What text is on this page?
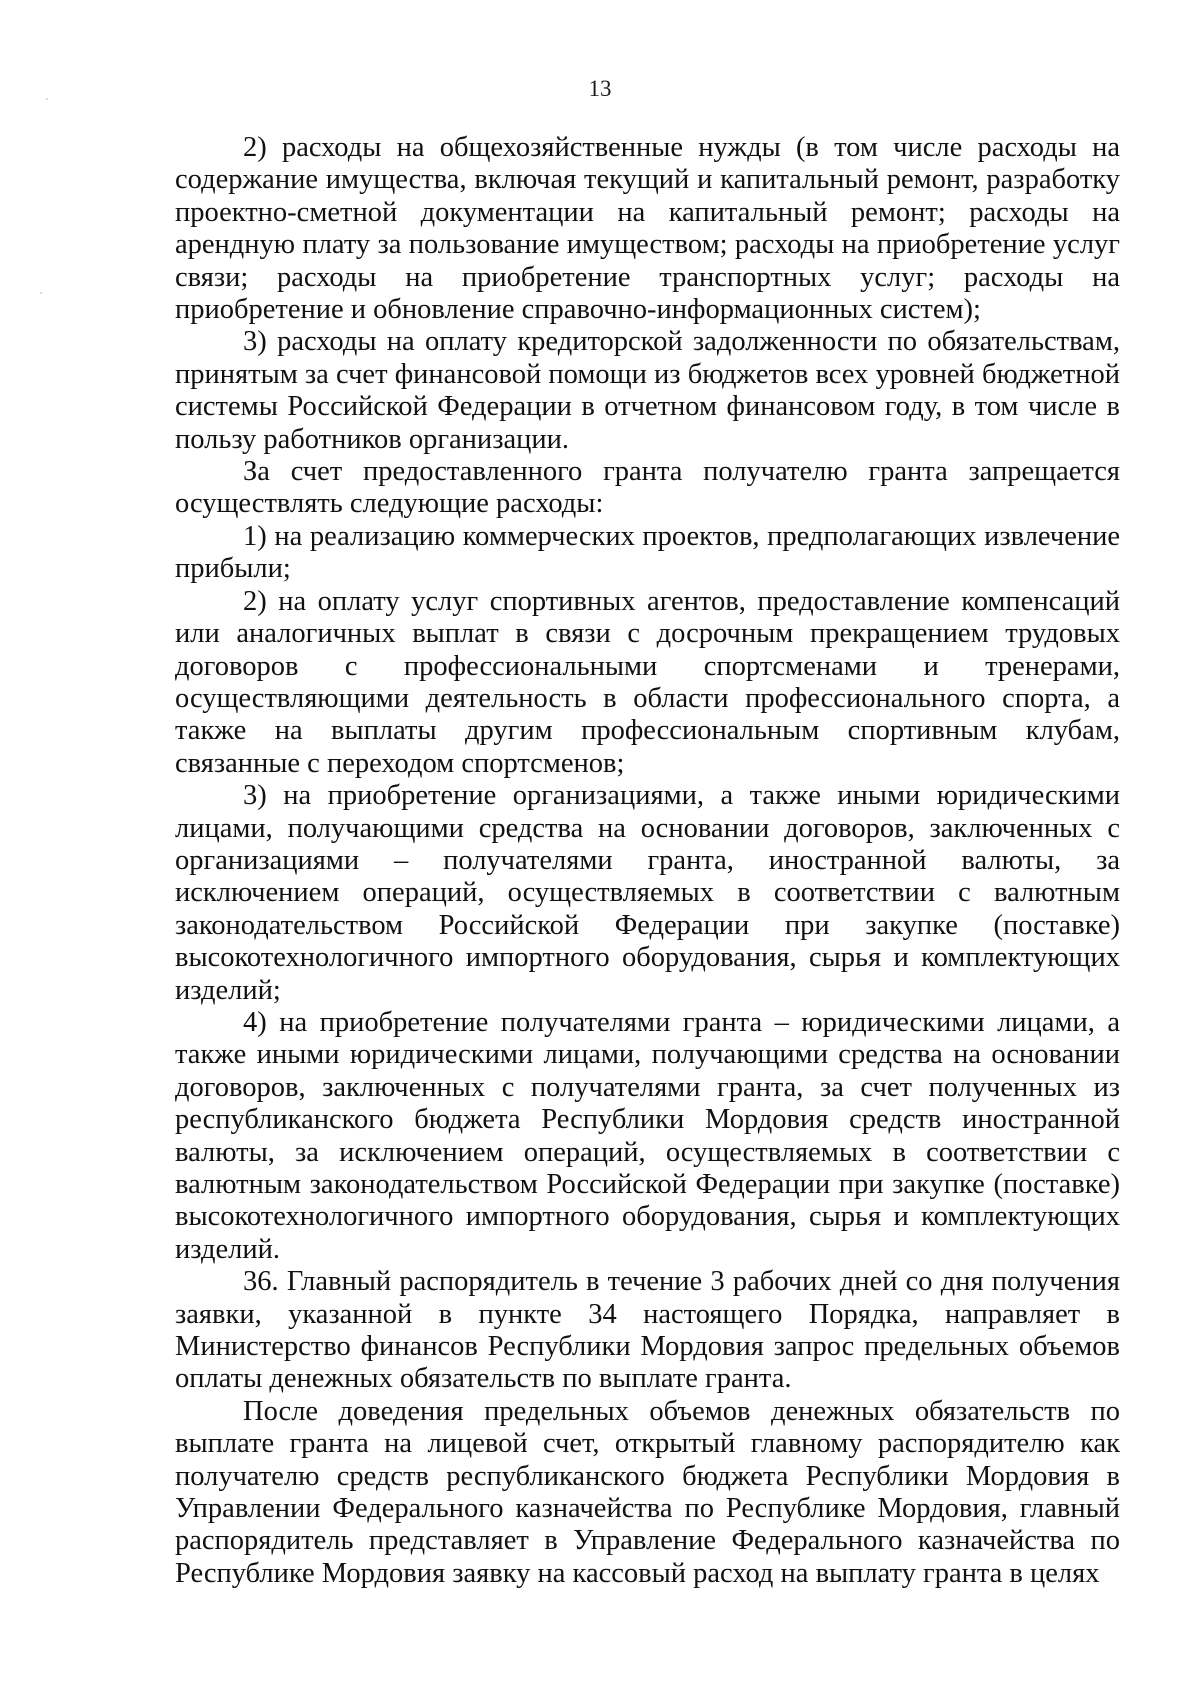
13

2) расходы на общехозяйственные нужды (в том числе расходы на содержание имущества, включая текущий и капитальный ремонт, разработку проектно-сметной документации на капитальный ремонт; расходы на арендную плату за пользование имуществом; расходы на приобретение услуг связи; расходы на приобретение транспортных услуг; расходы на приобретение и обновление справочно-информационных систем);

3) расходы на оплату кредиторской задолженности по обязательствам, принятым за счет финансовой помощи из бюджетов всех уровней бюджетной системы Российской Федерации в отчетном финансовом году, в том числе в пользу работников организации.

За счет предоставленного гранта получателю гранта запрещается осуществлять следующие расходы:

1) на реализацию коммерческих проектов, предполагающих извлечение прибыли;

2) на оплату услуг спортивных агентов, предоставление компенсаций или аналогичных выплат в связи с досрочным прекращением трудовых договоров с профессиональными спортсменами и тренерами, осуществляющими деятельность в области профессионального спорта, а также на выплаты другим профессиональным спортивным клубам, связанные с переходом спортсменов;

3) на приобретение организациями, а также иными юридическими лицами, получающими средства на основании договоров, заключенных с организациями – получателями гранта, иностранной валюты, за исключением операций, осуществляемых в соответствии с валютным законодательством Российской Федерации при закупке (поставке) высокотехнологичного импортного оборудования, сырья и комплектующих изделий;

4) на приобретение получателями гранта – юридическими лицами, а также иными юридическими лицами, получающими средства на основании договоров, заключенных с получателями гранта, за счет полученных из республиканского бюджета Республики Мордовия средств иностранной валюты, за исключением операций, осуществляемых в соответствии с валютным законодательством Российской Федерации при закупке (поставке) высокотехнологичного импортного оборудования, сырья и комплектующих изделий.

36. Главный распорядитель в течение 3 рабочих дней со дня получения заявки, указанной в пункте 34 настоящего Порядка, направляет в Министерство финансов Республики Мордовия запрос предельных объемов оплаты денежных обязательств по выплате гранта.

После доведения предельных объемов денежных обязательств по выплате гранта на лицевой счет, открытый главному распорядителю как получателю средств республиканского бюджета Республики Мордовия в Управлении Федерального казначейства по Республике Мордовия, главный распорядитель представляет в Управление Федерального казначейства по Республике Мордовия заявку на кассовый расход на выплату гранта в целях
